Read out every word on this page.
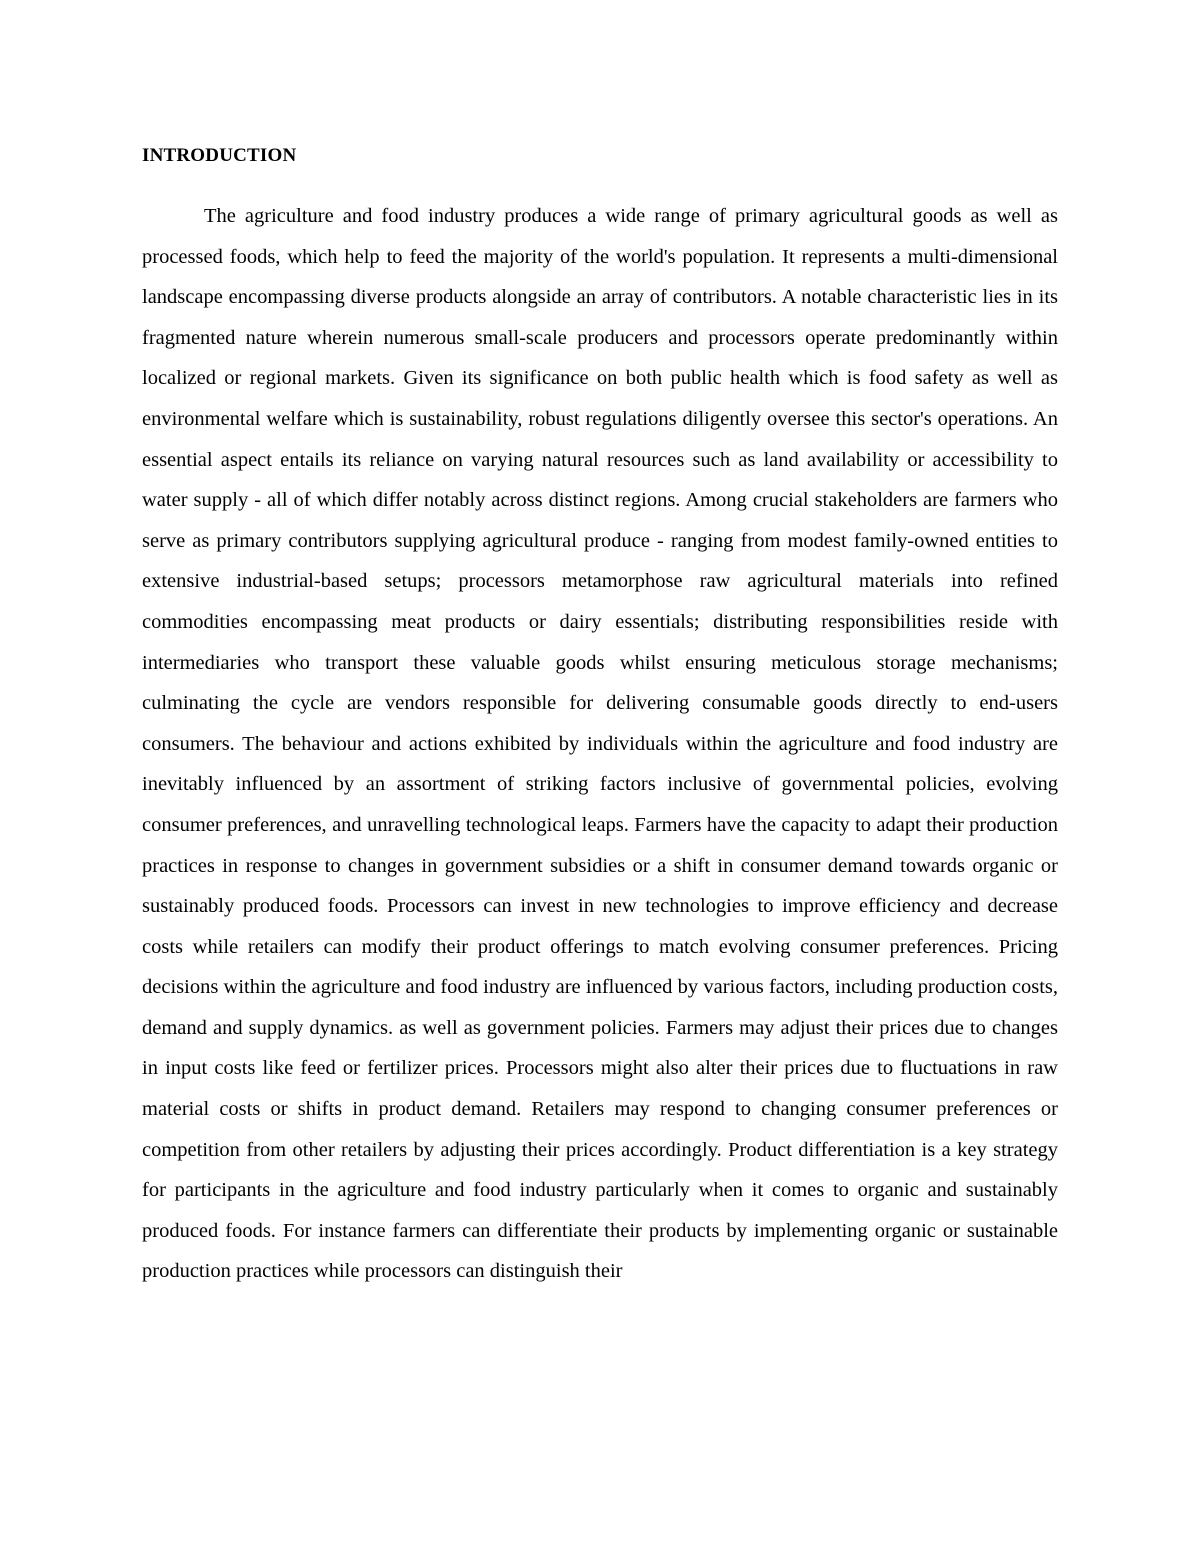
INTRODUCTION

The agriculture and food industry produces a wide range of primary agricultural goods as well as processed foods, which help to feed the majority of the world's population. It represents a multi-dimensional landscape encompassing diverse products alongside an array of contributors. A notable characteristic lies in its fragmented nature wherein numerous small-scale producers and processors operate predominantly within localized or regional markets. Given its significance on both public health which is food safety as well as environmental welfare which is sustainability, robust regulations diligently oversee this sector's operations. An essential aspect entails its reliance on varying natural resources such as land availability or accessibility to water supply - all of which differ notably across distinct regions. Among crucial stakeholders are farmers who serve as primary contributors supplying agricultural produce - ranging from modest family-owned entities to extensive industrial-based setups; processors metamorphose raw agricultural materials into refined commodities encompassing meat products or dairy essentials; distributing responsibilities reside with intermediaries who transport these valuable goods whilst ensuring meticulous storage mechanisms; culminating the cycle are vendors responsible for delivering consumable goods directly to end-users consumers. The behaviour and actions exhibited by individuals within the agriculture and food industry are inevitably influenced by an assortment of striking factors inclusive of governmental policies, evolving consumer preferences, and unravelling technological leaps. Farmers have the capacity to adapt their production practices in response to changes in government subsidies or a shift in consumer demand towards organic or sustainably produced foods. Processors can invest in new technologies to improve efficiency and decrease costs while retailers can modify their product offerings to match evolving consumer preferences. Pricing decisions within the agriculture and food industry are influenced by various factors, including production costs, demand and supply dynamics. as well as government policies. Farmers may adjust their prices due to changes in input costs like feed or fertilizer prices. Processors might also alter their prices due to fluctuations in raw material costs or shifts in product demand. Retailers may respond to changing consumer preferences or competition from other retailers by adjusting their prices accordingly. Product differentiation is a key strategy for participants in the agriculture and food industry particularly when it comes to organic and sustainably produced foods. For instance farmers can differentiate their products by implementing organic or sustainable production practices while processors can distinguish their
